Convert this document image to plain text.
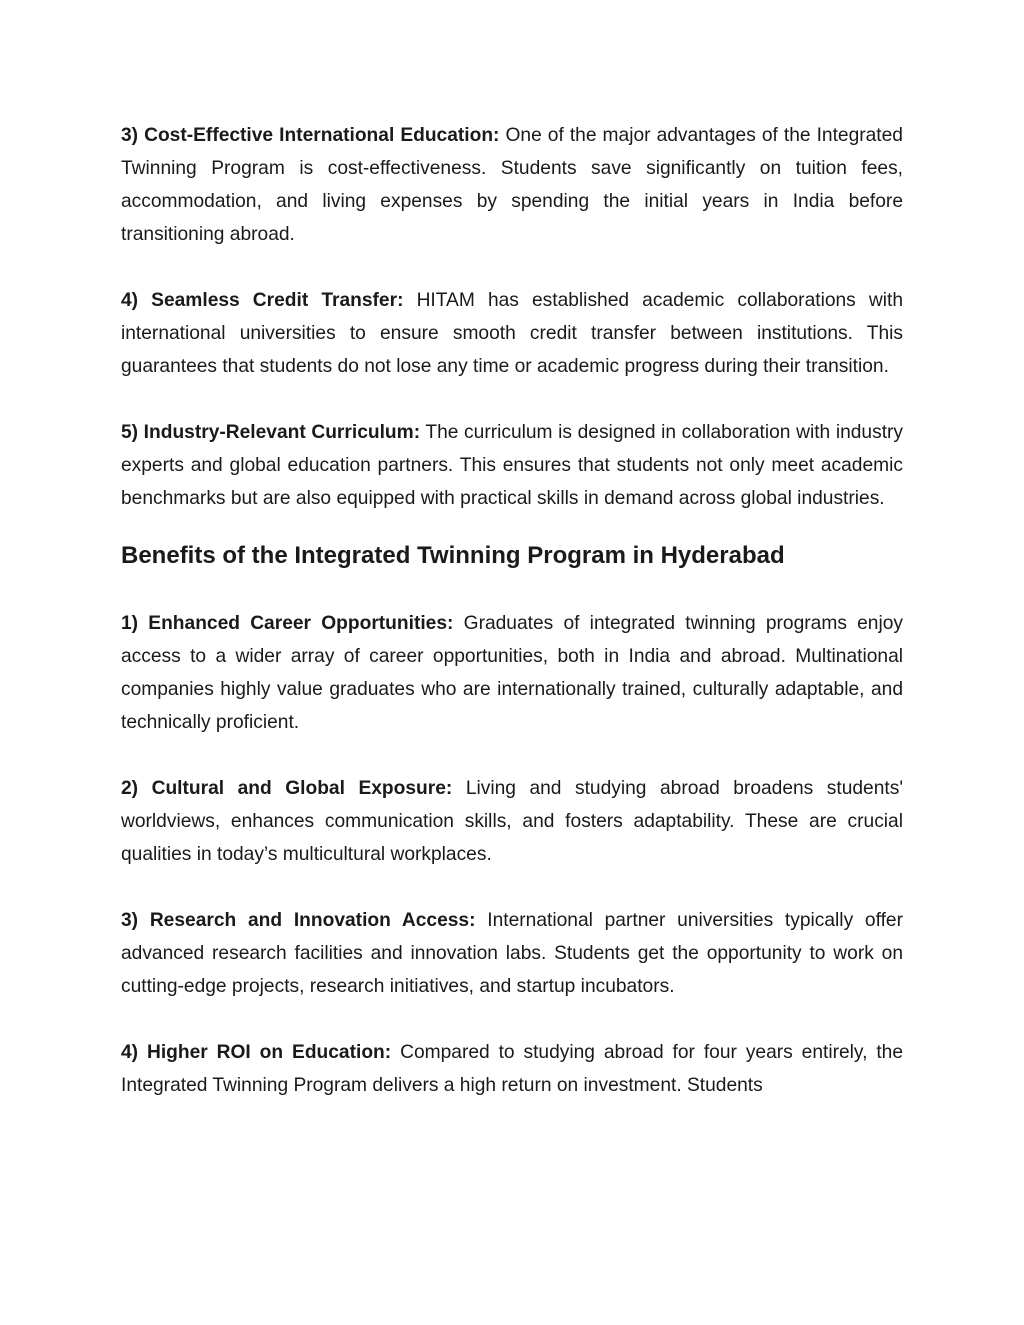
3) Cost-Effective International Education: One of the major advantages of the Integrated Twinning Program is cost-effectiveness. Students save significantly on tuition fees, accommodation, and living expenses by spending the initial years in India before transitioning abroad.

4) Seamless Credit Transfer: HITAM has established academic collaborations with international universities to ensure smooth credit transfer between institutions. This guarantees that students do not lose any time or academic progress during their transition.

5) Industry-Relevant Curriculum: The curriculum is designed in collaboration with industry experts and global education partners. This ensures that students not only meet academic benchmarks but are also equipped with practical skills in demand across global industries.

Benefits of the Integrated Twinning Program in Hyderabad

1) Enhanced Career Opportunities: Graduates of integrated twinning programs enjoy access to a wider array of career opportunities, both in India and abroad. Multinational companies highly value graduates who are internationally trained, culturally adaptable, and technically proficient.

2) Cultural and Global Exposure: Living and studying abroad broadens students' worldviews, enhances communication skills, and fosters adaptability. These are crucial qualities in today’s multicultural workplaces.

3) Research and Innovation Access: International partner universities typically offer advanced research facilities and innovation labs. Students get the opportunity to work on cutting-edge projects, research initiatives, and startup incubators.

4) Higher ROI on Education: Compared to studying abroad for four years entirely, the Integrated Twinning Program delivers a high return on investment. Students
